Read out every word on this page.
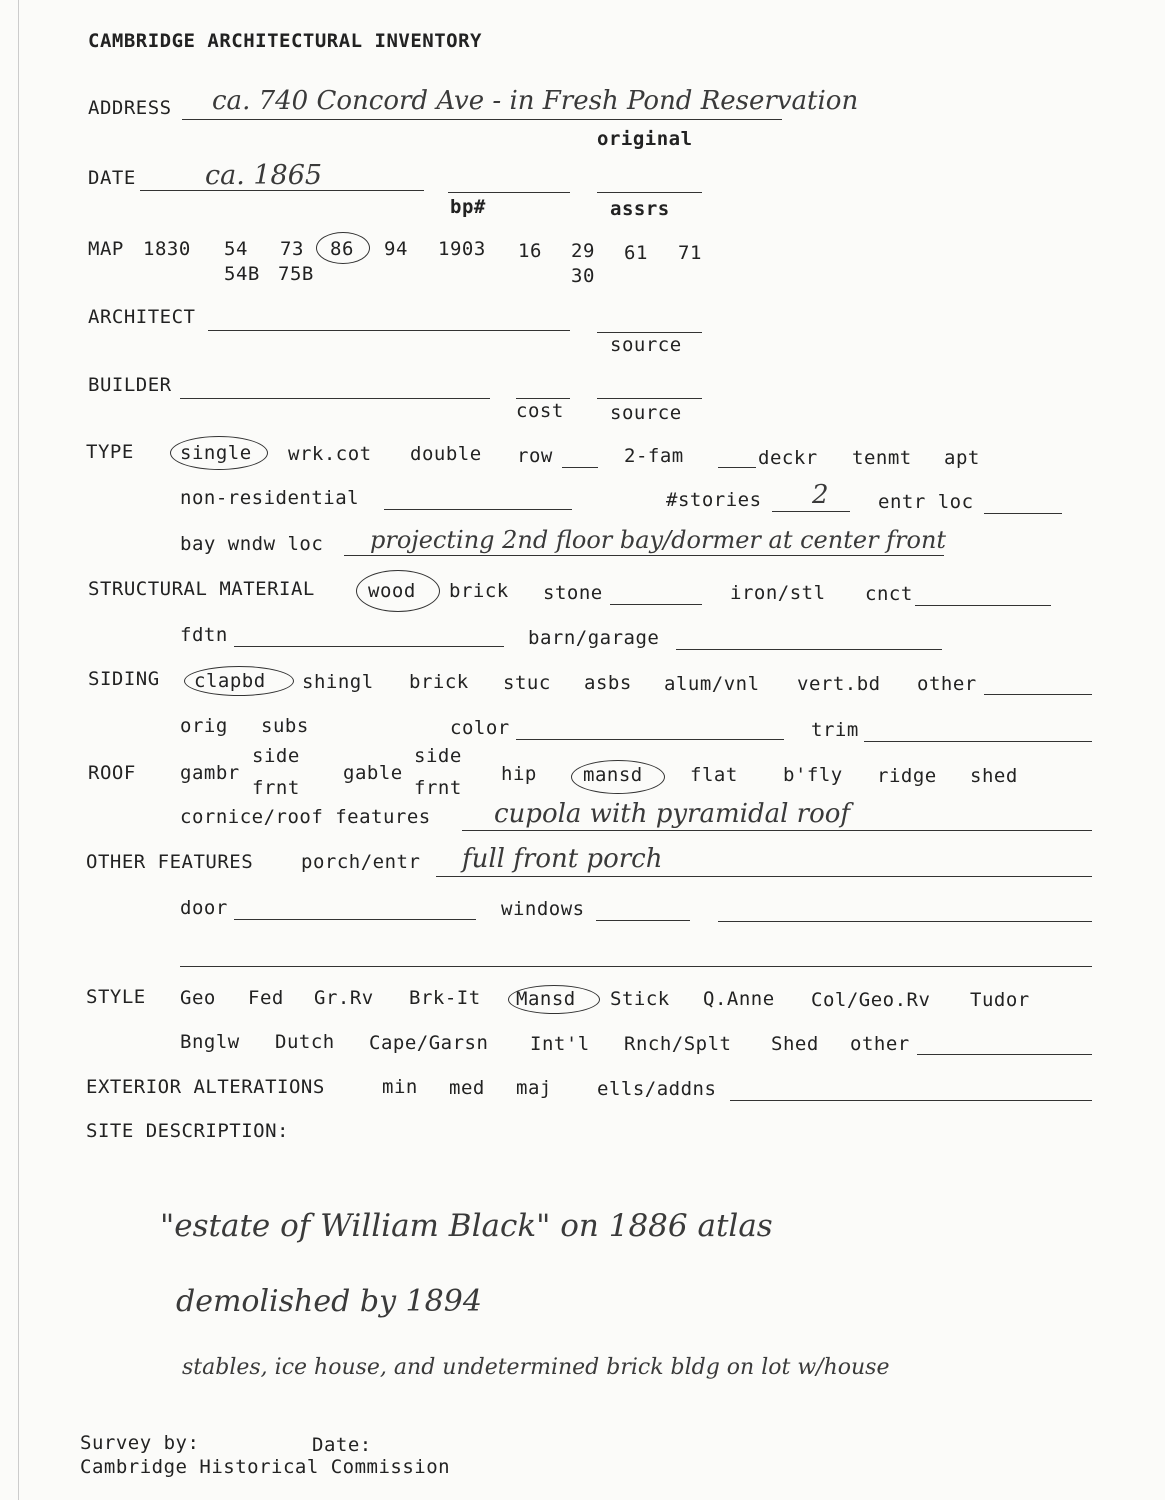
CAMBRIDGE ARCHITECTURAL INVENTORY
ADDRESS ca. 740 Concord Ave - in Fresh Pond Reservation
original
DATE	ca. 1865
bp#	assrs
MAP 1830 54 73 86 94 1903 16 29 61 71
54B 75B	30
ARCHITECT
source
BUILDER
cost source
TYPE single wrk.cot double row	2-fam	deckr tenmt apt
non-residential	#stories 2	entr loc
bay wndw loc projecting 2nd floor bay/dormer at center front
STRUCTURAL MATERIAL	wood brick stone	iron/stl cnct
fdtn	barn/garage
SIDING clapbd shingl brick stuc asbs alum/vnl vert.bd other
orig subs	color	trim
ROOF gambr
side
frnt
gable
side
frnt
hip mansd flat b'fly ridge shed
cornice/roof features cupola with pyramidal roof
OTHER FEATURES	porch/entr full front porch
door	windows
STYLE Geo Fed Gr.Rv Brk-It Mansd Stick Q.Anne Col/Geo.Rv Tudor
Bnglw Dutch Cape/Garsn Int'l Rnch/Splt Shed other
EXTERIOR ALTERATIONS	min med maj ells/addns
SITE DESCRIPTION:
"estate of William Black" on 1886 atlas
demolished by 1894
stables, ice house, and undetermined brick bldg on lot w/house
Survey by:	Date:
Cambridge Historical Commission
